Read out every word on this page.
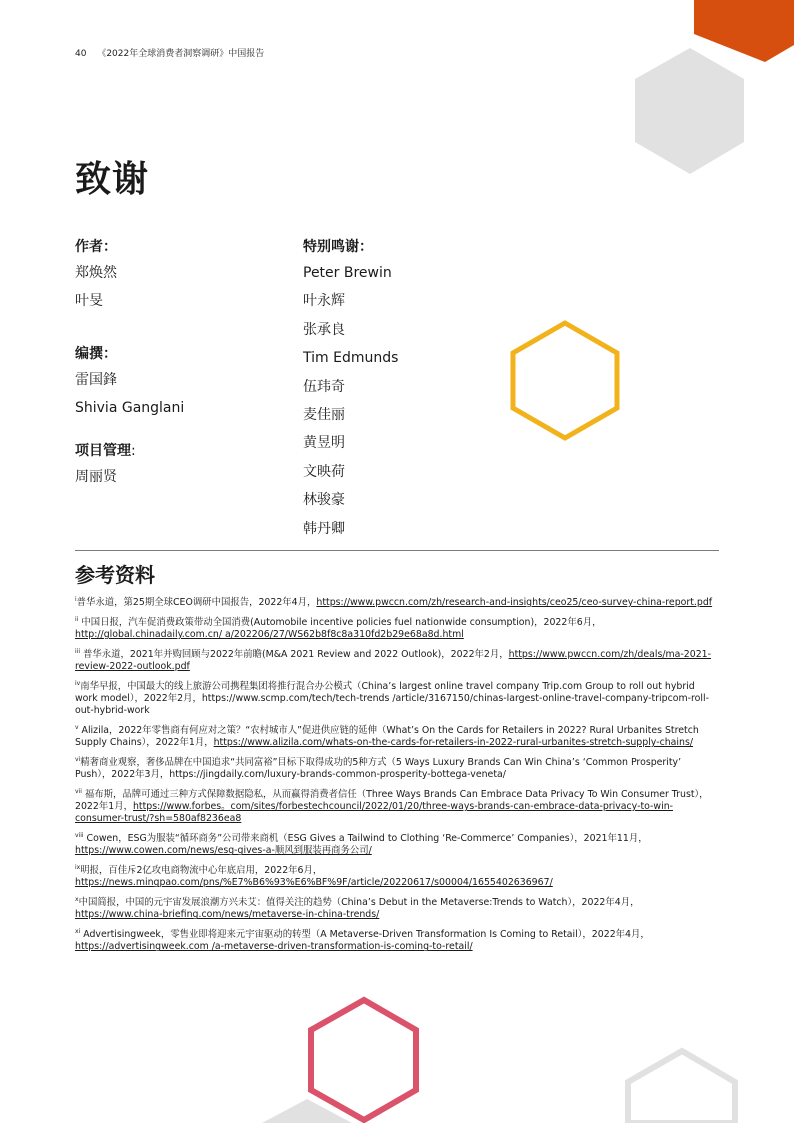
40 《2022年全球消费者洞察调研》中国报告
致谢
作者：
郑焕然
叶旻
编撰：
雷国鋒
Shivia Ganglani
项目管理:
周丽贤
特别鸣谢：
Peter Brewin
叶永辉
张承良
Tim Edmunds
伍玮奇
麦佳丽
黄昱明
文映荷
林骏豪
韩丹卿
参考资料
$^i$普华永道，第25期全球CEO调研中国报告，2022年4月，https://www.pwccn.com/zh/research-and-insights/ceo25/ceo-survey-china-report.pdf
$^{ii}$ 中国日报，汽车促消费政策带动全国消费(Automobile incentive policies fuel nationwide consumption)，2022年6月，http://global.chinadaily.com.cn/ a/202206/27/WS62b8f8c8a310fd2b29e68a8d.html
$^{iii}$ 普华永道，2021年并购回顾与2022年前瞻(M&A 2021 Review and 2022 Outlook)，2022年2月，https://www.pwccn.com/zh/deals/ma-2021-review-2022-outlook.pdf
$^{iv}$南华早报，中国最大的线上旅游公司携程集团将推行混合办公模式（China’s largest online travel company Trip.com Group to roll out hybrid work model），2022年2月，https://www.scmp.com/tech/tech-trends /article/3167150/chinas-largest-online-travel-company-tripcom-roll-out-hybrid-work
$^v$ Alizila，2022年零售商有何应对之策？“农村城市人”促进供应链的延伸（What’s On the Cards for Retailers in 2022? Rural Urbanites Stretch Supply Chains），2022年1月，https://www.alizila.com/whats-on-the-cards-for-retailers-in-2022-rural-urbanites-stretch-supply-chains/
$^{vi}$精奢商业观察，奢侈品牌在中国追求“共同富裕”目标下取得成功的5种方式（5 Ways Luxury Brands Can Win China’s ‘Common Prosperity’ Push），2022年3月，https://jingdaily.com/luxury-brands-common-prosperity-bottega-veneta/
$^{vii}$ 福布斯，品牌可通过三种方式保障数据隐私，从而赢得消费者信任（Three Ways Brands Can Embrace Data Privacy To Win Consumer Trust），2022年1月，https://www.forbes。com/sites/forbestechcouncil/2022/01/20/three-ways-brands-can-embrace-data-privacy-to-win-consumer-trust/?sh=580af8236ea8
$^{viii}$ Cowen，ESG为服装“循环商务”公司带来商机（ESG Gives a Tailwind to Clothing ‘Re-Commerce’ Companies），2021年11月，https://www.cowen.com/news/esg-gives-a-顺风到服装再商务公司/
$^{ix}$明报，百佳斥2亿攻电商物流中心年底启用，2022年6月，
https://news.mingpao.com/pns/%E7%B6%93%E6%BF%9F/article/20220617/s00004/1655402636967/
$^x$中国简报，中国的元宇宙发展浪潮方兴未艾：值得关注的趋势（China’s Debut in the Metaverse:Trends to Watch），2022年4月，https://www.china-briefing.com/news/metaverse-in-china-trends/
$^{xi}$ Advertisingweek，零售业即将迎来元宇宙驱动的转型（A Metaverse-Driven Transformation Is Coming to Retail），2022年4月，https://advertisingweek.com /a-metaverse-driven-transformation-is-coming-to-retail/
